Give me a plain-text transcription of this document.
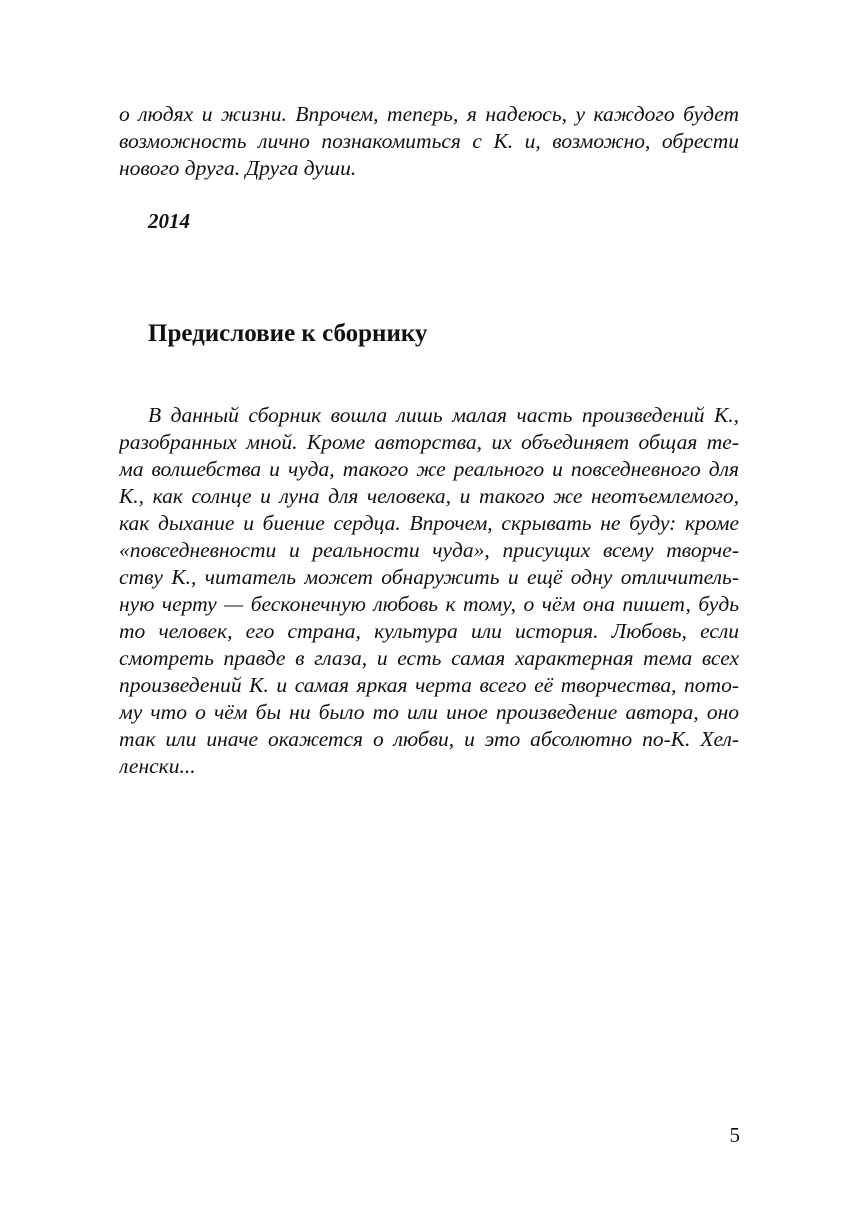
о людях и жизни. Впрочем, теперь, я надеюсь, у каждого будет
возможность лично познакомиться с К. и, возможно, обрести
нового друга. Друга души.
2014
Предисловие к сборнику
В данный сборник вошла лишь малая часть произведений К.,
разобранных мной. Кроме авторства, их объединяет общая те-
ма волшебства и чуда, такого же реального и повседневного для
К., как солнце и луна для человека, и такого же неотъемлемого,
как дыхание и биение сердца. Впрочем, скрывать не буду: кроме
«повседневности и реальности чуда», присущих всему творче-
ству К., читатель может обнаружить и ещё одну отличитель-
ную черту — бесконечную любовь к тому, о чём она пишет, будь
то человек, его страна, культура или история. Любовь, если
смотреть правде в глаза, и есть самая характерная тема всех
произведений К. и самая яркая черта всего её творчества, пото-
му что о чём бы ни было то или иное произведение автора, оно
так или иначе окажется о любви, и это абсолютно по-К. Хел-
ленски...
5
